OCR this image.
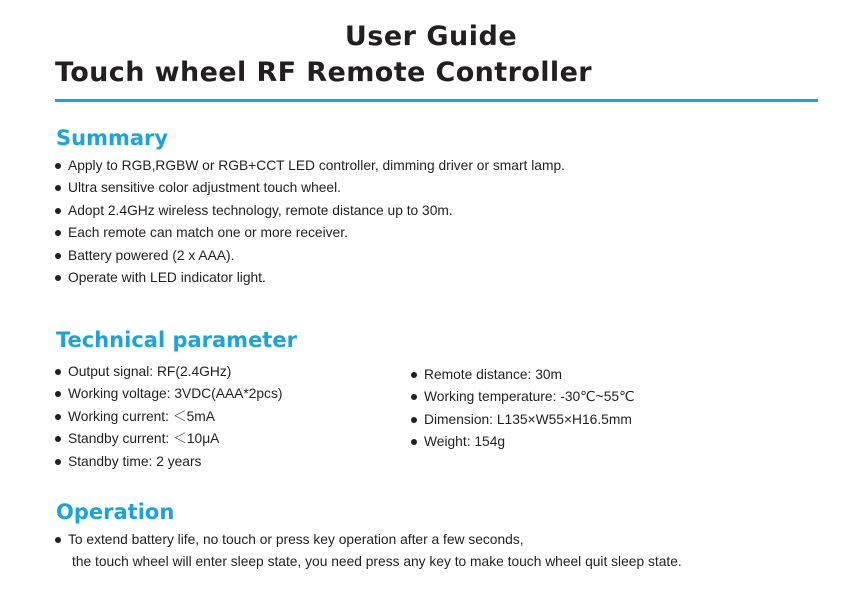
User Guide
Touch wheel RF Remote Controller
Summary
Apply to RGB,RGBW or RGB+CCT LED controller, dimming driver or smart lamp.
Ultra sensitive color adjustment touch wheel.
Adopt 2.4GHz wireless technology, remote distance up to 30m.
Each remote can match one or more receiver.
Battery powered (2 x AAA).
Operate with LED indicator light.
Technical parameter
Output signal: RF(2.4GHz)
Working voltage: 3VDC(AAA*2pcs)
Working current: ＜5mA
Standby current: ＜10μA
Standby time: 2 years
Remote distance: 30m
Working temperature: -30℃~55℃
Dimension: L135×W55×H16.5mm
Weight: 154g
Operation
To extend battery life, no touch or press key operation after a few seconds,
the touch wheel will enter sleep state, you need press any key to make touch wheel quit sleep state.
